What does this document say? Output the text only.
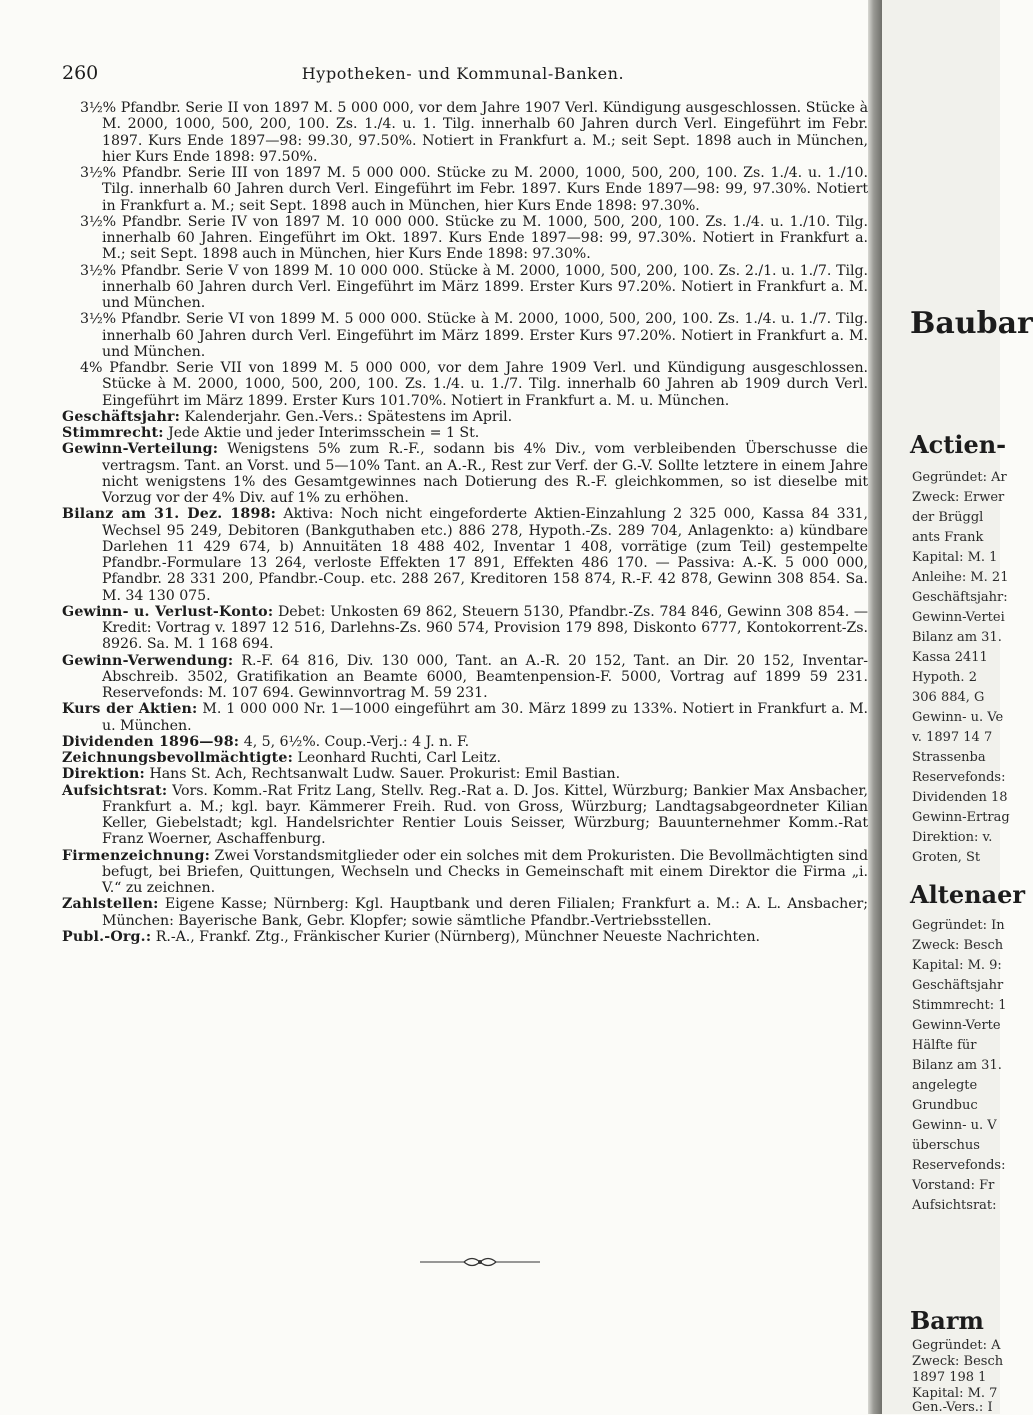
260	Hypotheken- und Kommunal-Banken.

3½% Pfandbr. Serie II von 1897 M. 5 000 000, vor dem Jahre 1907 Verl. Kündigung ausgeschlossen. Stücke à M. 2000, 1000, 500, 200, 100. Zs. 1./4. u. 1. Tilg. innerhalb 60 Jahren durch Verl. Eingeführt im Febr. 1897. Kurs Ende 1897—98: 99.30, 97.50%. Notiert in Frankfurt a. M.; seit Sept. 1898 auch in München, hier Kurs Ende 1898: 97.50%.

3½% Pfandbr. Serie III von 1897 M. 5 000 000. Stücke zu M. 2000, 1000, 500, 200, 100. Zs. 1./4. u. 1./10. Tilg. innerhalb 60 Jahren durch Verl. Eingeführt im Febr. 1897. Kurs Ende 1897—98: 99, 97.30%. Notiert in Frankfurt a. M.; seit Sept. 1898 auch in München, hier Kurs Ende 1898: 97.30%.

3½% Pfandbr. Serie IV von 1897 M. 10 000 000. Stücke zu M. 1000, 500, 200, 100. Zs. 1./4. u. 1./10. Tilg. innerhalb 60 Jahren. Eingeführt im Okt. 1897. Kurs Ende 1897—98: 99, 97.30%. Notiert in Frankfurt a. M.; seit Sept. 1898 auch in München, hier Kurs Ende 1898: 97.30%.

3½% Pfandbr. Serie V von 1899 M. 10 000 000. Stücke à M. 2000, 1000, 500, 200, 100. Zs. 2./1. u. 1./7. Tilg. innerhalb 60 Jahren durch Verl. Eingeführt im März 1899. Erster Kurs 97.20%. Notiert in Frankfurt a. M. und München.

3½% Pfandbr. Serie VI von 1899 M. 5 000 000. Stücke à M. 2000, 1000, 500, 200, 100. Zs. 1./4. u. 1./7. Tilg. innerhalb 60 Jahren durch Verl. Eingeführt im März 1899. Erster Kurs 97.20%. Notiert in Frankfurt a. M. und München.

4% Pfandbr. Serie VII von 1899 M. 5 000 000, vor dem Jahre 1909 Verl. und Kündigung ausgeschlossen. Stücke à M. 2000, 1000, 500, 200, 100. Zs. 1./4. u. 1./7. Tilg. innerhalb 60 Jahren ab 1909 durch Verl. Eingeführt im März 1899. Erster Kurs 101.70%. Notiert in Frankfurt a. M. u. München.

Geschäftsjahr: Kalenderjahr. Gen.-Vers.: Spätestens im April.

Stimmrecht: Jede Aktie und jeder Interimsschein = 1 St.

Gewinn-Verteilung: Wenigstens 5% zum R.-F., sodann bis 4% Div., vom verbleibenden Überschusse die vertragsm. Tant. an Vorst. und 5—10% Tant. an A.-R., Rest zur Verf. der G.-V. Sollte letztere in einem Jahre nicht wenigstens 1% des Gesamtgewinnes nach Dotierung des R.-F. gleichkommen, so ist dieselbe mit Vorzug vor der 4% Div. auf 1% zu erhöhen.

Bilanz am 31. Dez. 1898: Aktiva: Noch nicht eingeforderte Aktien-Einzahlung 2 325 000, Kassa 84 331, Wechsel 95 249, Debitoren (Bankguthaben etc.) 886 278, Hypoth.-Zs. 289 704, Anlagenkto: a) kündbare Darlehen 11 429 674, b) Annuitäten 18 488 402, Inventar 1 408, vorrätige (zum Teil) gestempelte Pfandbr.-Formulare 13 264, verloste Effekten 17 891, Effekten 486 170. — Passiva: A.-K. 5 000 000, Pfandbr. 28 331 200, Pfandbr.-Coup. etc. 288 267, Kreditoren 158 874, R.-F. 42 878, Gewinn 308 854. Sa. M. 34 130 075.

Gewinn- u. Verlust-Konto: Debet: Unkosten 69 862, Steuern 5130, Pfandbr.-Zs. 784 846, Gewinn 308 854. — Kredit: Vortrag v. 1897 12 516, Darlehns-Zs. 960 574, Provision 179 898, Diskonto 6777, Kontokorrent-Zs. 8926. Sa. M. 1 168 694.

Gewinn-Verwendung: R.-F. 64 816, Div. 130 000, Tant. an A.-R. 20 152, Tant. an Dir. 20 152, Inventar-Abschreib. 3502, Gratifikation an Beamte 6000, Beamtenpension-F. 5000, Vortrag auf 1899 59 231. Reservefonds: M. 107 694. Gewinnvortrag M. 59 231.

Kurs der Aktien: M. 1 000 000 Nr. 1—1000 eingeführt am 30. März 1899 zu 133%. Notiert in Frankfurt a. M. u. München.

Dividenden 1896—98: 4, 5, 6½%. Coup.-Verj.: 4 J. n. F.

Zeichnungsbevollmächtigte: Leonhard Ruchti, Carl Leitz.

Direktion: Hans St. Ach, Rechtsanwalt Ludw. Sauer. Prokurist: Emil Bastian.

Aufsichtsrat: Vors. Komm.-Rat Fritz Lang, Stellv. Reg.-Rat a. D. Jos. Kittel, Würzburg; Bankier Max Ansbacher, Frankfurt a. M.; kgl. bayr. Kämmerer Freih. Rud. von Gross, Würzburg; Landtagsabgeordneter Kilian Keller, Giebelstadt; kgl. Handelsrichter Rentier Louis Seisser, Würzburg; Bauunternehmer Komm.-Rat Franz Woerner, Aschaffenburg.

Firmenzeichnung: Zwei Vorstandsmitglieder oder ein solches mit dem Prokuristen. Die Bevollmächtigten sind befugt, bei Briefen, Quittungen, Wechseln und Checks in Gemeinschaft mit einem Direktor die Firma „i. V.“ zu zeichnen.

Zahlstellen: Eigene Kasse; Nürnberg: Kgl. Hauptbank und deren Filialen; Frankfurt a. M.: A. L. Ansbacher; München: Bayerische Bank, Gebr. Klopfer; sowie sämtliche Pfandbr.-Vertriebsstellen.

Publ.-Org.: R.-A., Frankf. Ztg., Fränkischer Kurier (Nürnberg), Münchner Neueste Nachrichten.

Baubar
Actien-
Gegründet: Ar
Zweck: Erwer
der Brüggl
ants Frank
Kapital: M. 1
Anleihe: M. 21
Geschäftsjahr:
Gewinn-Vertei
Bilanz am 31.
Kassa 2411
Hypoth. 2
306 884, G
Gewinn- u. Ve
v. 1897 14 7
Strassenba
Reservefonds:
Dividenden 18
Gewinn-Ertrag
Direktion: v.
Groten, St
Altenaer
Gegründet: In
Zweck: Besch
Kapital: M. 9:
Geschäftsjahr
Stimmrecht: 1
Gewinn-Verte
Hälfte für
Bilanz am 31.
angelegte
Grundbuc
Gewinn- u. V
überschus
Reservefonds:
Vorstand: Fr
Aufsichtsrat:
Barm
Gegründet: A
Zweck: Besch
1897 198 1
Kapital: M. 7
Gen.-Vers.: I
